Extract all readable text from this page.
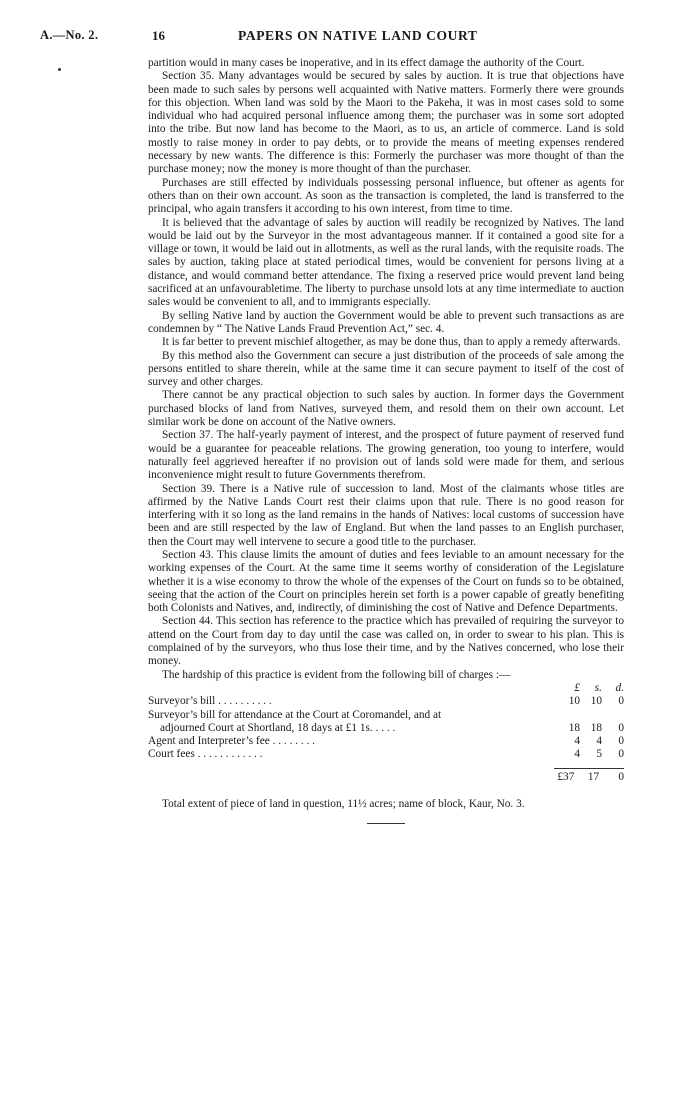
A.—No. 2.	16	PAPERS ON NATIVE LAND COURT

partition would in many cases be inoperative, and in its effect damage the authority of the Court.

Section 35. Many advantages would be secured by sales by auction. It is true that objections have been made to such sales by persons well acquainted with Native matters. Formerly there were grounds for this objection. When land was sold by the Maori to the Pakeha, it was in most cases sold to some individual who had acquired personal influence among them; the purchaser was in some sort adopted into the tribe. But now land has become to the Maori, as to us, an article of commerce. Land is sold mostly to raise money in order to pay debts, or to provide the means of meeting expenses rendered necessary by new wants. The difference is this: Formerly the purchaser was more thought of than the purchase money; now the money is more thought of than the purchaser.

Purchases are still effected by individuals possessing personal influence, but oftener as agents for others than on their own account. As soon as the transaction is completed, the land is transferred to the principal, who again transfers it according to his own interest, from time to time.

It is believed that the advantage of sales by auction will readily be recognized by Natives. The land would be laid out by the Surveyor in the most advantageous manner. If it contained a good site for a village or town, it would be laid out in allotments, as well as the rural lands, with the requisite roads. The sales by auction, taking place at stated periodical times, would be convenient for persons living at a distance, and would command better attendance. The fixing a reserved price would prevent land being sacrificed at an unfavourabletime. The liberty to purchase unsold lots at any time intermediate to auction sales would be convenient to all, and to immigrants especially.

By selling Native land by auction the Government would be able to prevent such transactions as are condemnen by “ The Native Lands Fraud Prevention Act,” sec. 4.

It is far better to prevent mischief altogether, as may be done thus, than to apply a remedy afterwards.

By this method also the Government can secure a just distribution of the proceeds of sale among the persons entitled to share therein, while at the same time it can secure payment to itself of the cost of survey and other charges.

There cannot be any practical objection to such sales by auction. In former days the Government purchased blocks of land from Natives, surveyed them, and resold them on their own account. Let similar work be done on account of the Native owners.

Section 37. The half-yearly payment of interest, and the prospect of future payment of reserved fund would be a guarantee for peaceable relations. The growing generation, too young to interfere, would naturally feel aggrieved hereafter if no provision out of lands sold were made for them, and serious inconvenience might result to future Governments therefrom.

Section 39. There is a Native rule of succession to land. Most of the claimants whose titles are affirmed by the Native Lands Court rest their claims upon that rule. There is no good reason for interfering with it so long as the land remains in the hands of Natives: local customs of succession have been and are still respected by the law of England. But when the land passes to an English purchaser, then the Court may well intervene to secure a good title to the purchaser.

Section 43. This clause limits the amount of duties and fees leviable to an amount necessary for the working expenses of the Court. At the same time it seems worthy of consideration of the Legislature whether it is a wise economy to throw the whole of the expenses of the Court on funds so to be obtained, seeing that the action of the Court on principles herein set forth is a power capable of greatly benefiting both Colonists and Natives, and, indirectly, of diminishing the cost of Native and Defence Departments.

Section 44. This section has reference to the practice which has prevailed of requiring the surveyor to attend on the Court from day to day until the case was called on, in order to swear to his plan. This is complained of by the surveyors, who thus lose their time, and by the Natives concerned, who lose their money.

The hardship of this practice is evident from the following bill of charges :—

£	s.	d.
Surveyor’s bill . . . . . . . . . .	10 10	0
Surveyor’s bill for attendance at the Court at Coromandel, and at
adjourned Court at Shortland, 18 days at £1 1s. . . . .	18 18	0
Agent and Interpreter’s fee . . . . . . . .	4	4	0
Court fees . . . . . . . . . . . .	4	5	0
£37 17 0

Total extent of piece of land in question, 11½ acres; name of block, Kaur, No. 3.
